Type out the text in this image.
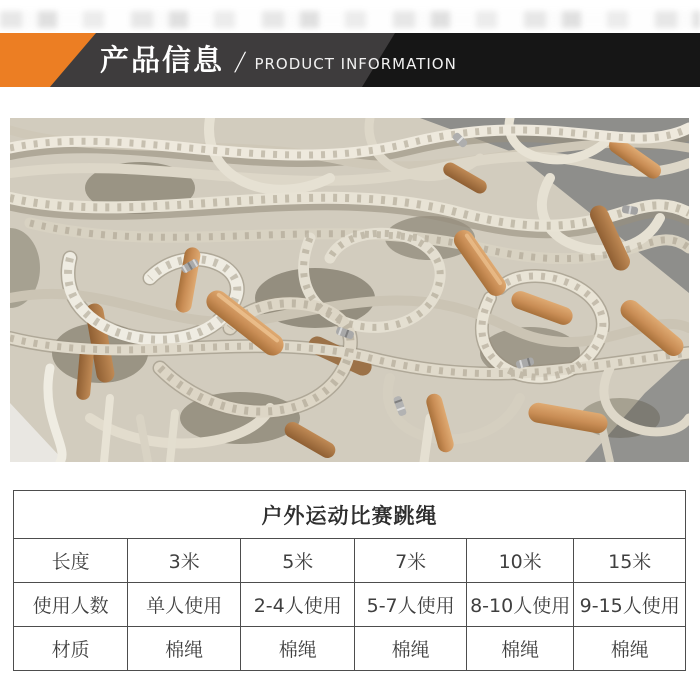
产品信息 / PRODUCT INFORMATION
户外运动比赛跳绳					
长度	3米	5米	7米	10米	15米
使用人数	单人使用	2-4人使用	5-7人使用	8-10人使用	9-15人使用
材质	棉绳	棉绳	棉绳	棉绳	棉绳
